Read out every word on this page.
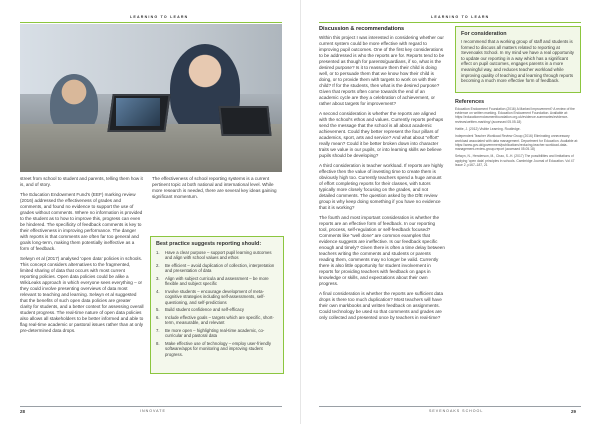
LEARNING TO LEARN

street from school to student and parents, telling them how it is, and of story.

The Education Endowment Fund's (EEF) marking review (2016) addressed the effectiveness of grades and comments, and found no evidence to support the use of grades without comments. Where no information is provided to the student as to how to improve this, progress can even be hindered. The specificity of feedback comments is key to their effectiveness in improving performance. The danger with reports is that comments are often far too general and goals long-term, making them potentially ineffective as a form of feedback.

Selwyn et al (2017) analysed 'open data' policies in schools. This concept considers alternatives to the fragmented, limited sharing of data that occurs with most current reporting policies. Open data policies could be alike a WikiLeaks approach in which everyone sees everything – or they could involve presenting overviews of data most relevant to teaching and learning. Selwyn et al suggested that the benefits of such open data policies are greater clarity for students, and a better context for assessing overall student progress. The real-time nature of open data policies also allows all stakeholders to be better informed and able to flag real-time academic or pastoral issues rather than at only pre-determined data drops.

The effectiveness of school reporting systems is a current pertinent topic at both national and international level. While more research is needed, there are several key ideas gaining significant momentum.

Best practice suggests reporting should:
1.	Have a clear purpose – support pupil learning outcomes and align with school values and ethos
2.	Be efficient – avoid duplication of collection, interpretation and presentation of data
3.	Align with subject curricula and assessment – be more flexible and subject specific
4.	Involve students – encourage development of meta-cognitive strategies including self-assessments, self-questioning, and self-predictions
5.	Build student confidence and self-efficacy
6.	Include effective goals – targets which are specific, short-term, measurable, and relevant
7.	Be more open – highlighting real-time academic, co-curricular and pastoral data
8.	Make effective use of technology – employ user-friendly software/apps for monitoring and improving student progress.
28	INNOVATE
LEARNING TO LEARN
Discussion & recommendations

Within this project I was interested in considering whether our current system could be more effective with regard to improving pupil outcomes. One of the first key considerations to be addressed is who the reports are for. Reports tend to be presented as though for parents/guardians, if so, what is the desired purpose? Is it to reassure them their child is doing well, or to persuade them that we know how their child is doing, or to provide them with targets to work on with their child? If for the students, then what is the desired purpose? Given that reports often come towards the end of an academic cycle are they a celebration of achievement, or rather about targets for improvement?

A second consideration is whether the reports are aligned with the school's ethos and values. Currently reports perhaps send the message that the school is all about academic achievement. Could they better represent the four pillars of academics, sport, arts and service? And what about "effort" really mean? Could it be better broken down into character traits we value in our pupils, or into learning skills we believe pupils should be developing?

A third consideration is teacher workload. If reports are highly effective then the value of investing time to create them is obviously high too. Currently teachers spend a huge amount of effort completing reports for their classes, with tutors typically more closely focusing on the grades, and not detailed comments. The question asked by the DfE review group is why keep doing something if you have no evidence that it is working?

The fourth and most important consideration is whether the reports are an effective form of feedback. In our reporting tool, process, self-regulation or self-feedback focused? Comments like "well done" are common examples that evidence suggests are ineffective. Is our feedback specific enough and timely? Given there is often a time delay between teachers writing the comments and students or parents reading them, comments may no longer be valid. Currently there is also little opportunity for student involvement in reports for providing teachers with feedback on gaps in knowledge or skills, and expectations about their own progress.

A final consideration is whether the reports are sufficient data drops is there too much duplication? Most teachers will have their own markbooks and written feedback on assignments. Could technology be used so that comments and grades are only collected and presented once by teachers in real-time?

For consideration

I recommend that a working group of staff and students is formed to discuss all matters related to reporting at Sevenoaks School. In my mind we have a real opportunity to update our reporting in a way which has a significant effect on pupil outcomes, engages parents in a more meaningful way, and reduces teacher workload while improving quality of teaching and learning through reports becoming a much more effective form of feedback.

References

Education Endowment Foundation (2016) A Marked Improvement? A review of the evidence on written marking. Education Endowment Foundation. Available at: https://educationendowmentfoundation.org.uk/evidence-summaries/evidence-reviews/written-marking/ (accessed 05.05.18)

Hattie, J. (2012) Visible Learning. Routledge.

Independent Teacher Workload Review Group (2016) Eliminating unnecessary workload associated with data management. Department for Education. Available at: https://www.gov.uk/government/publications/reducing-teacher-workload-data-management-review-group-report (accessed 05.05.18)

Selwyn, N., Henderson, M., Chao, S.-H. (2017) The possibilities and limitations of applying 'open data' principles in schools. Cambridge Journal of Education. Vol 47 Issue 2, p167–187, 21

SEVENOAKS SCHOOL	29
